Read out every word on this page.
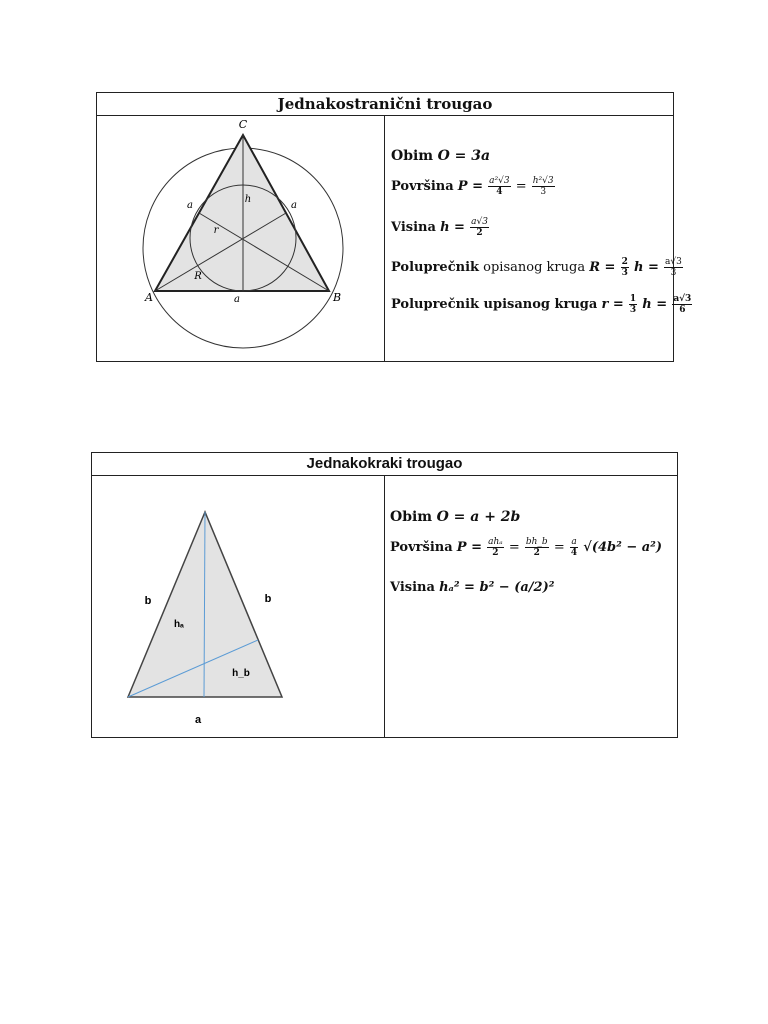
Jednakostranični trougao
C
A	B
a	a
a
h
r
R
Obim O = 3a
Površina $P = \frac{\text{a²√3}}{4} = \frac{\text{h²√3}}{3}$
Visina $h = \frac{a√3}{2}$
Poluprečnik opisanog kruga $R = \frac{2}{3}$ $h = \frac{a√3}{3}$
Poluprečnik upisanog kruga $r = \frac{1}{3}$ $h = \frac{a√3}{6}$
Jednakokraki trougao
b	b
hₐ
h_b
a
Obim O = a + 2b
Površina P = ahₐ
$2 = \frac{bh\_b}{2} = \frac{a}{4} √(4b^2 - a^2)$
Visina hₐ² = b² − (a/2)²
